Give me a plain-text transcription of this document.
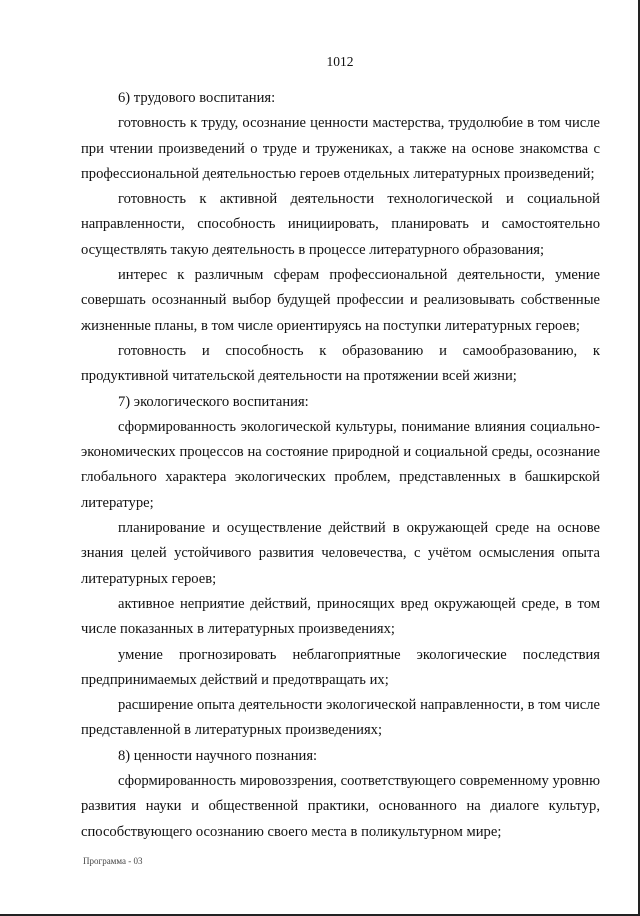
1012

6) трудового воспитания:

готовность к труду, осознание ценности мастерства, трудолюбие в том числе при чтении произведений о труде и тружениках, а также на основе знакомства с профессиональной деятельностью героев отдельных литературных произведений;

готовность к активной деятельности технологической и социальной направленности, способность инициировать, планировать и самостоятельно осуществлять такую деятельность в процессе литературного образования;

интерес к различным сферам профессиональной деятельности, умение совершать осознанный выбор будущей профессии и реализовывать собственные жизненные планы, в том числе ориентируясь на поступки литературных героев;

готовность и способность к образованию и самообразованию, к продуктивной читательской деятельности на протяжении всей жизни;

7) экологического воспитания:

сформированность экологической культуры, понимание влияния социально-экономических процессов на состояние природной и социальной среды, осознание глобального характера экологических проблем, представленных в башкирской литературе;

планирование и осуществление действий в окружающей среде на основе знания целей устойчивого развития человечества, с учётом осмысления опыта литературных героев;

активное неприятие действий, приносящих вред окружающей среде, в том числе показанных в литературных произведениях;

умение прогнозировать неблагоприятные экологические последствия предпринимаемых действий и предотвращать их;

расширение опыта деятельности экологической направленности, в том числе представленной в литературных произведениях;

8) ценности научного познания:

сформированность мировоззрения, соответствующего современному уровню развития науки и общественной практики, основанного на диалоге культур, способствующего осознанию своего места в поликультурном мире;

Программа - 03
